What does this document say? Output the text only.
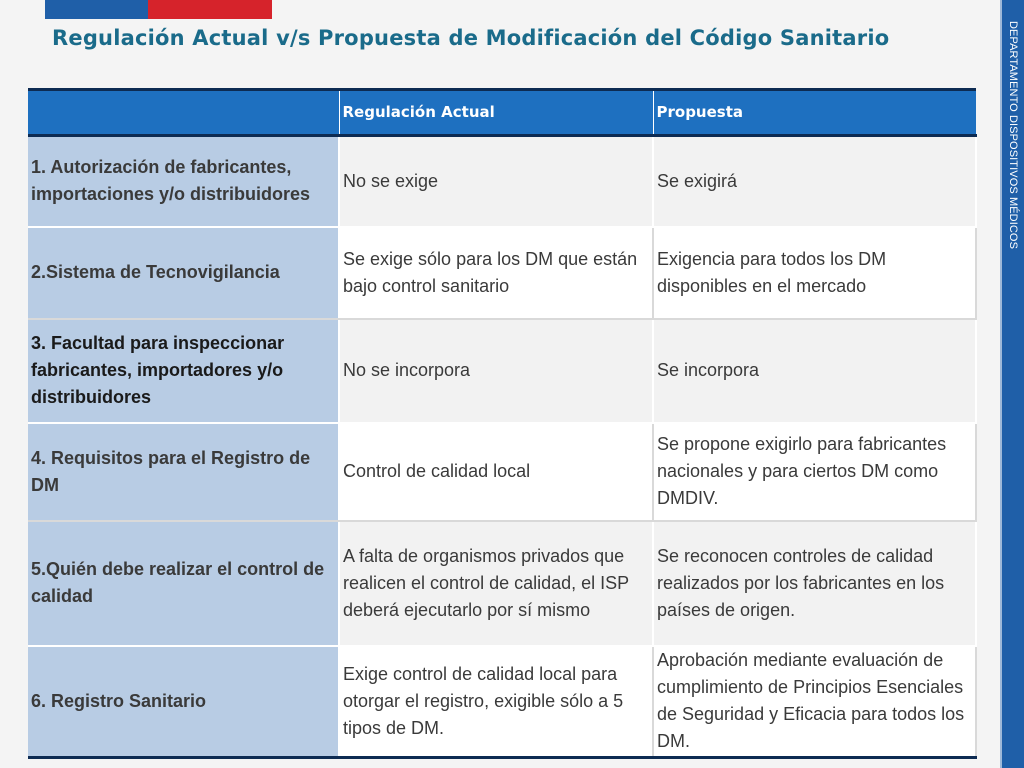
Regulación Actual v/s Propuesta de Modificación del Código Sanitario	DEPARTAMENTO DISPOSITIVOS MÉDICOS
	Regulación Actual	Propuesta
1. Autorización de fabricantes, importaciones y/o distribuidores	No se exige	Se exigirá
2.Sistema de Tecnovigilancia	Se exige sólo para los DM que están bajo control sanitario	Exigencia para todos los DM disponibles en el mercado
3. Facultad para inspeccionar fabricantes, importadores y/o distribuidores	No se incorpora	Se incorpora
4. Requisitos para el Registro de DM	Control de calidad local	Se propone exigirlo para fabricantes nacionales y para ciertos DM como DMDIV.
5.Quién debe realizar el control de calidad	A falta de organismos privados que realicen el control de calidad, el ISP deberá ejecutarlo por sí mismo	Se reconocen controles de calidad realizados por los fabricantes en los países de origen.
6. Registro Sanitario	Exige control de calidad local para otorgar el registro, exigible sólo a 5 tipos de DM.	Aprobación mediante evaluación de cumplimiento de Principios Esenciales de Seguridad y Eficacia para todos los DM.
